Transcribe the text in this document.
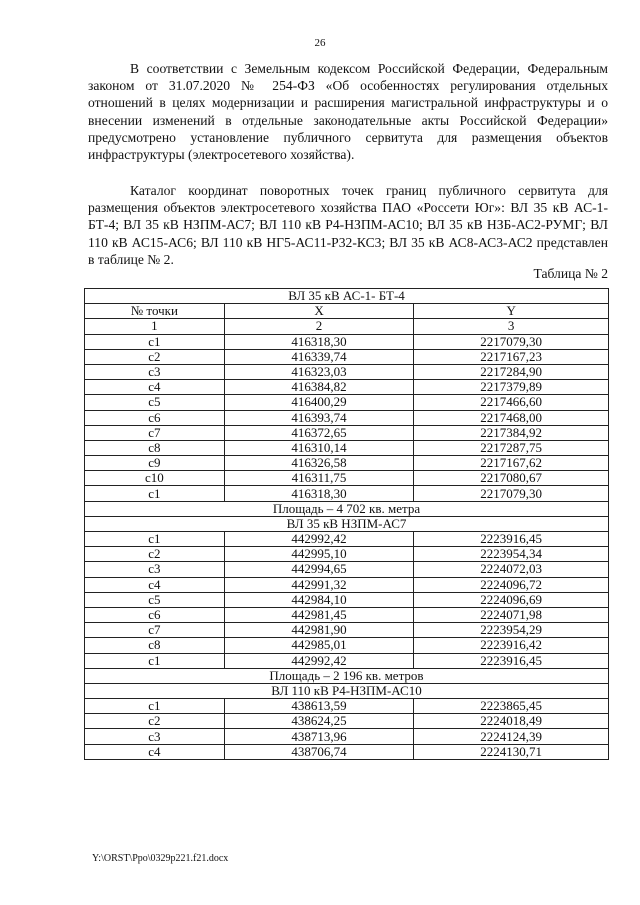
26
В соответствии с Земельным кодексом Российской Федерации, Федеральным законом от 31.07.2020 № 254-ФЗ «Об особенностях регулирования отдельных отношений в целях модернизации и расширения магистральной инфраструктуры и о внесении изменений в отдельные законодательные акты Российской Федерации» предусмотрено установление публичного сервитута для размещения объектов инфраструктуры (электросетевого хозяйства).
Каталог координат поворотных точек границ публичного сервитута для размещения объектов электросетевого хозяйства ПАО «Россети Юг»: ВЛ 35 кВ АС-1-БТ-4; ВЛ 35 кВ НЗПМ-АС7; ВЛ 110 кВ Р4-НЗПМ-АС10; ВЛ 35 кВ НЗБ-АС2-РУМГ; ВЛ 110 кВ АС15-АС6; ВЛ 110 кВ НГ5-АС11-Р32-КС3; ВЛ 35 кВ АС8-АС3-АС2 представлен в таблице № 2.
Таблица № 2
ВЛ 35 кВ АС-1- БТ-4		
№ точки	X	Y
1	2	3
с1	416318,30	2217079,30
с2	416339,74	2217167,23
с3	416323,03	2217284,90
с4	416384,82	2217379,89
с5	416400,29	2217466,60
с6	416393,74	2217468,00
с7	416372,65	2217384,92
с8	416310,14	2217287,75
с9	416326,58	2217167,62
с10	416311,75	2217080,67
с1	416318,30	2217079,30
Площадь – 4 702 кв. метра		
ВЛ 35 кВ НЗПМ-АС7		
с1	442992,42	2223916,45
с2	442995,10	2223954,34
с3	442994,65	2224072,03
с4	442991,32	2224096,72
с5	442984,10	2224096,69
с6	442981,45	2224071,98
с7	442981,90	2223954,29
с8	442985,01	2223916,42
с1	442992,42	2223916,45
Площадь – 2 196 кв. метров		
ВЛ 110 кВ Р4-НЗПМ-АС10		
с1	438613,59	2223865,45
с2	438624,25	2224018,49
с3	438713,96	2224124,39
с4	438706,74	2224130,71
Y:\ORST\Ppo\0329p221.f21.docx
